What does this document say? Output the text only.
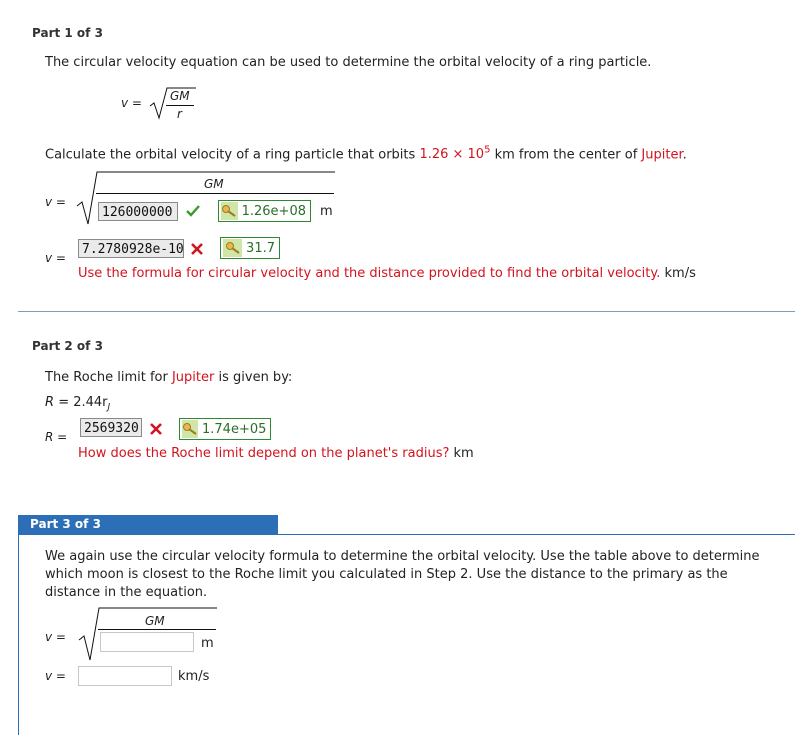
Part 1 of 3
The circular velocity equation can be used to determine the orbital velocity of a ring particle.
v = GM
r
Calculate the orbital velocity of a ring particle that orbits $1.26 \times 10^5$ km from the center of Jupiter.
v =
GM
126000000	1.26e+08	m
v =
7.2780928e-10	31.7
Use the formula for circular velocity and the distance provided to find the orbital velocity. km/s
Part 2 of 3
The Roche limit for Jupiter is given by:
$R = 2.44r_J$
R =
2569320	1.74e+05
How does the Roche limit depend on the planet's radius? km
Part 3 of 3
We again use the circular velocity formula to determine the orbital velocity. Use the table above to determine
which moon is closest to the Roche limit you calculated in Step 2. Use the distance to the primary as the
distance in the equation.
v =
GM
m
v =	km/s
